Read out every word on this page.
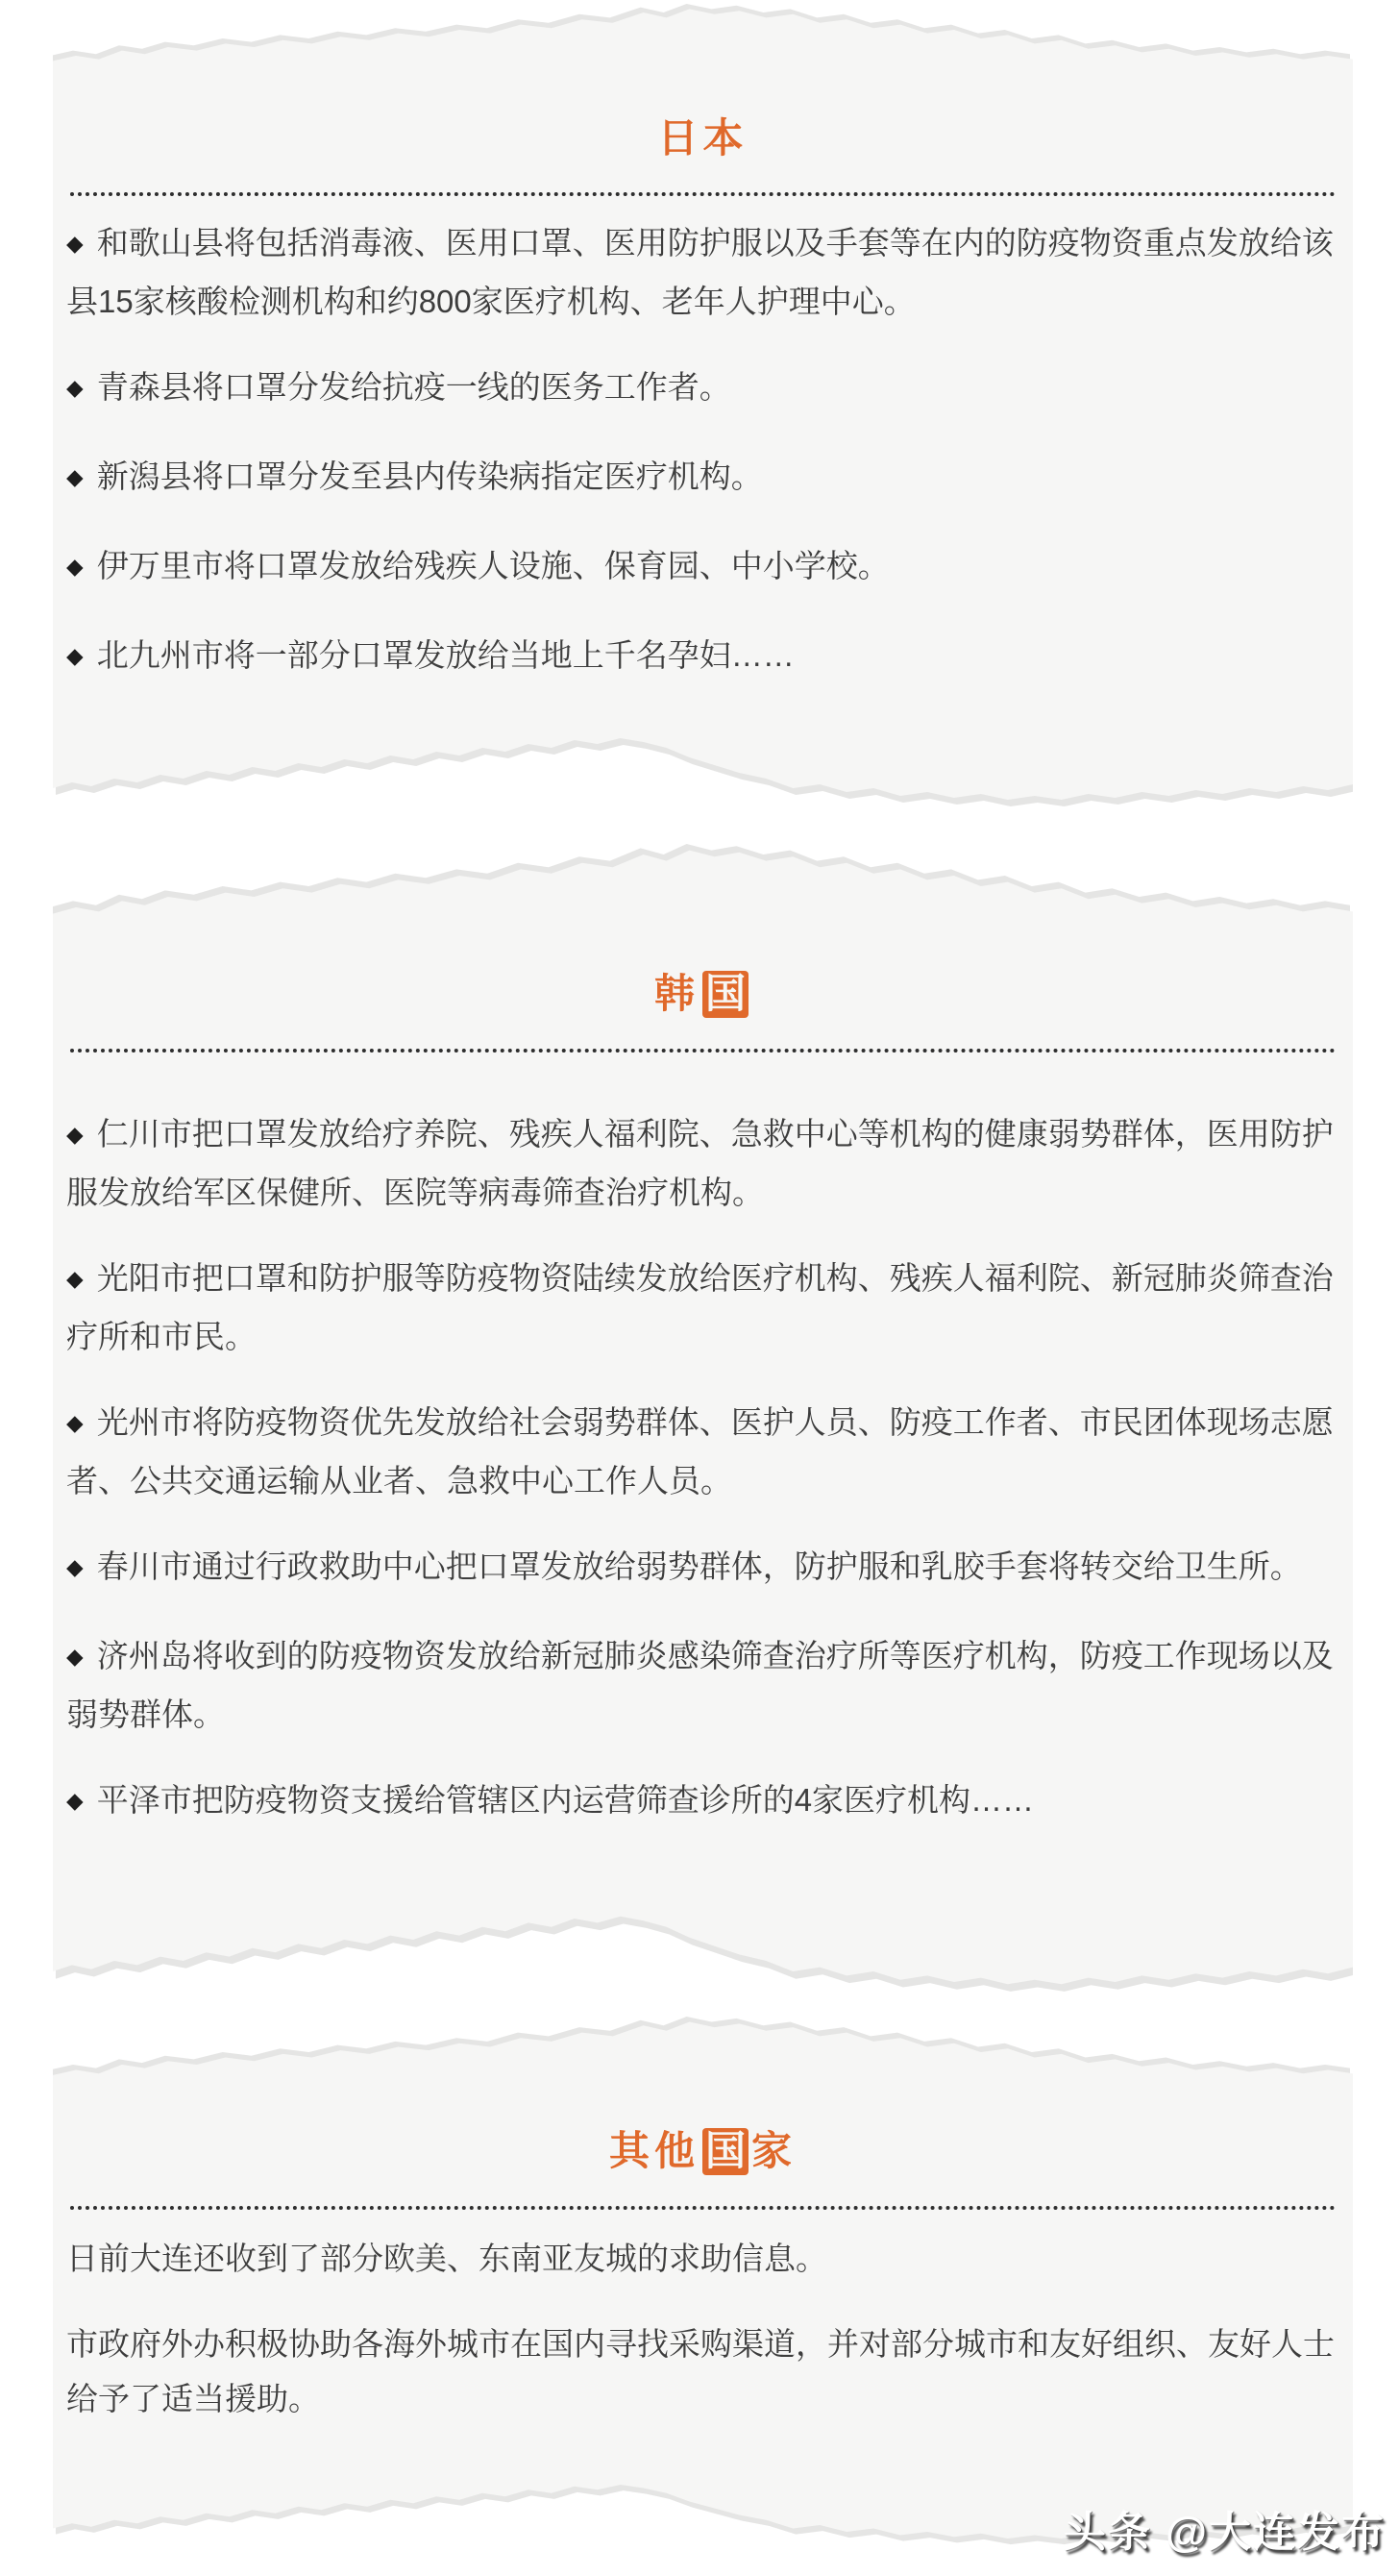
日本

◆ 和歌山县将包括消毒液、医用口罩、医用防护服以及手套等在内的防疫物资重点发放给该县15家核酸检测机构和约800家医疗机构、老年人护理中心。

◆ 青森县将口罩分发给抗疫一线的医务工作者。

◆ 新潟县将口罩分发至县内传染病指定医疗机构。

◆ 伊万里市将口罩发放给残疾人设施、保育园、中小学校。

◆ 北九州市将一部分口罩发放给当地上千名孕妇……

韩 国

◆ 仁川市把口罩发放给疗养院、残疾人福利院、急救中心等机构的健康弱势群体，医用防护服发放给军区保健所、医院等病毒筛查治疗机构。

◆ 光阳市把口罩和防护服等防疫物资陆续发放给医疗机构、残疾人福利院、新冠肺炎筛查治疗所和市民。

◆ 光州市将防疫物资优先发放给社会弱势群体、医护人员、防疫工作者、市民团体现场志愿者、公共交通运输从业者、急救中心工作人员。

◆ 春川市通过行政救助中心把口罩发放给弱势群体，防护服和乳胶手套将转交给卫生所。

◆ 济州岛将收到的防疫物资发放给新冠肺炎感染筛查治疗所等医疗机构，防疫工作现场以及弱势群体。

◆ 平泽市把防疫物资支援给管辖区内运营筛查诊所的4家医疗机构……

其他 国 家

日前大连还收到了部分欧美、东南亚友城的求助信息。

市政府外办积极协助各海外城市在国内寻找采购渠道，并对部分城市和友好组织、友好人士给予了适当援助。

头条 @大连发布
